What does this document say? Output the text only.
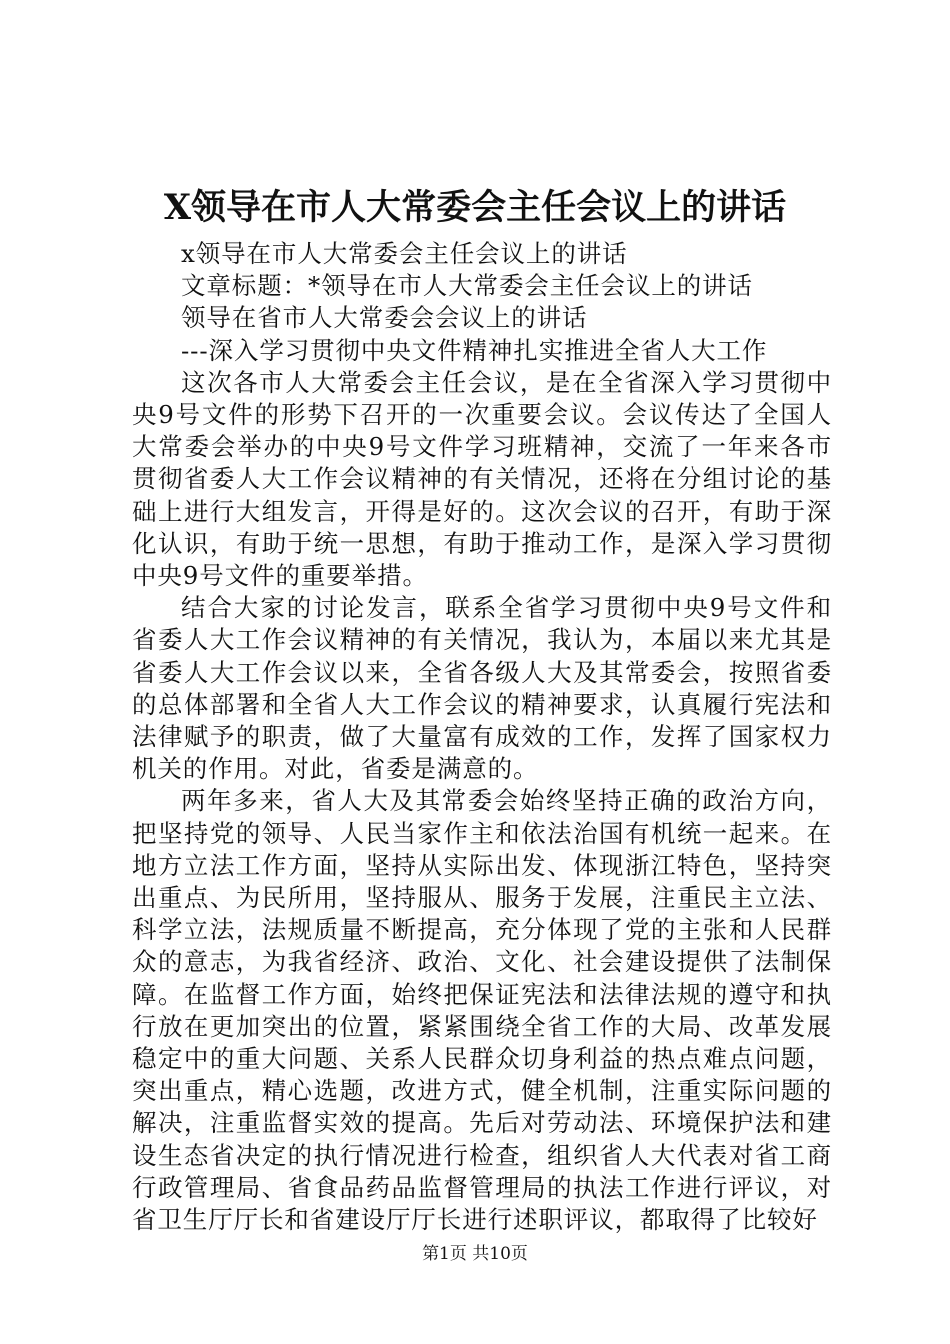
X领导在市人大常委会主任会议上的讲话
x领导在市人大常委会主任会议上的讲话
文章标题：*领导在市人大常委会主任会议上的讲话
领导在省市人大常委会会议上的讲话
---深入学习贯彻中央文件精神扎实推进全省人大工作

这次各市人大常委会主任会议，是在全省深入学习贯彻中央9号文件的形势下召开的一次重要会议。会议传达了全国人大常委会举办的中央9号文件学习班精神，交流了一年来各市贯彻省委人大工作会议精神的有关情况，还将在分组讨论的基础上进行大组发言，开得是好的。这次会议的召开，有助于深化认识，有助于统一思想，有助于推动工作，是深入学习贯彻中央9号文件的重要举措。

结合大家的讨论发言，联系全省学习贯彻中央9号文件和省委人大工作会议精神的有关情况，我认为，本届以来尤其是省委人大工作会议以来，全省各级人大及其常委会，按照省委的总体部署和全省人大工作会议的精神要求，认真履行宪法和法律赋予的职责，做了大量富有成效的工作，发挥了国家权力机关的作用。对此，省委是满意的。

两年多来，省人大及其常委会始终坚持正确的政治方向，把坚持党的领导、人民当家作主和依法治国有机统一起来。在地方立法工作方面，坚持从实际出发、体现浙江特色，坚持突出重点、为民所用，坚持服从、服务于发展，注重民主立法、科学立法，法规质量不断提高，充分体现了党的主张和人民群众的意志，为我省经济、政治、文化、社会建设提供了法制保障。在监督工作方面，始终把保证宪法和法律法规的遵守和执行放在更加突出的位置，紧紧围绕全省工作的大局、改革发展稳定中的重大问题、关系人民群众切身利益的热点难点问题，突出重点，精心选题，改进方式，健全机制，注重实际问题的解决，注重监督实效的提高。先后对劳动法、环境保护法和建设生态省决定的执行情况进行检查，组织省人大代表对省工商行政管理局、省食品药品监督管理局的执法工作进行评议，对省卫生厅厅长和省建设厅厅长进行述职评议，都取得了比较好

第1页 共10页
